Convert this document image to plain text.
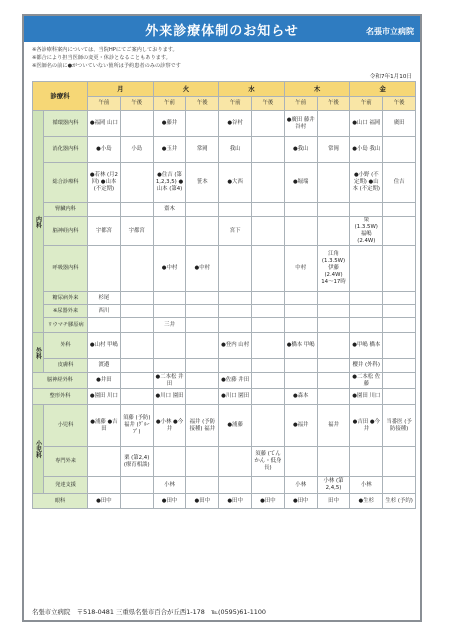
外来診療体制のお知らせ	名張市立病院
※各診療科案内については、当院HPにてご案内しております。
※都合により担当医師の変更・休診となることもあります。
※医師名の前に●がついていない箇所は予約患者のみの診察です
令和7年1月10日
診療科		月		火		水		木		金	
		午前	午後	午前	午後	午前	午後	午前	午後	午前	午後
内科	循環器内科	●福岡 山口		●藤井		●谷村		●廣田 藤井 谷村		●山口 福岡	廣田
	消化器内科	●小島	小島	●玉井	常岡	我山		●我山	常岡	●小島 我山	
	総合診療科	●若林 (月2回) ●山本 (不定期)		●住吉 (第1,2,3,5) ●山本 (第4)	笹本	●大西		●堀端		●小野 (不定期) ●山本 (不定期)	住吉
	腎臓内科			齋木							
	脳神経内科	宇都宮	宇都宮			宮下				榮 (1.3.5W) 福嶋 (2.4W)	
	呼吸器内科			●中村	●中村			中村	江角 (1.3.5W) 伊藤 (2.4W) 14〜17時		
	糖尿病外来	杉尾									
	※尿器外来	西川									
	リウマチ膠原病			三井							
外科	外科	●山村 甲嶋				●登内 山村		●橋本 甲嶋		●甲嶋 橋本	
	皮膚科	渡邉								櫻井 (外科)	
脳神経外科		●井田		●二本松 井田		●佐藤 井田				●二本松 佐藤	
整形外科		●園田 川口		●川口 園田		●川口 園田		●森本		●園田 川口	
小児科	小児科	●浦藤 ●吉田	須藤 (予防) 福井 (ｸﾞﾙｰﾌﾟ)	●小林 ●今井	福井 (予防接種) 福井	●浦藤		●福井	福井	●吉田 ●今井	当番医 (予防接種)
	専門外来		栗 (第2,4) (療育相談)				須藤 (てんかん・低身長)				
	発達支援			小林				小林	小林 (第2,4,5)	小林	
眼科		●田中		●田中	●田中	●田中	●田中	●田中	田中	●生杉	生杉 (予約)
名張市立病院　〒518-0481 三重県名張市百合が丘西1-178　℡(0595)61-1100
